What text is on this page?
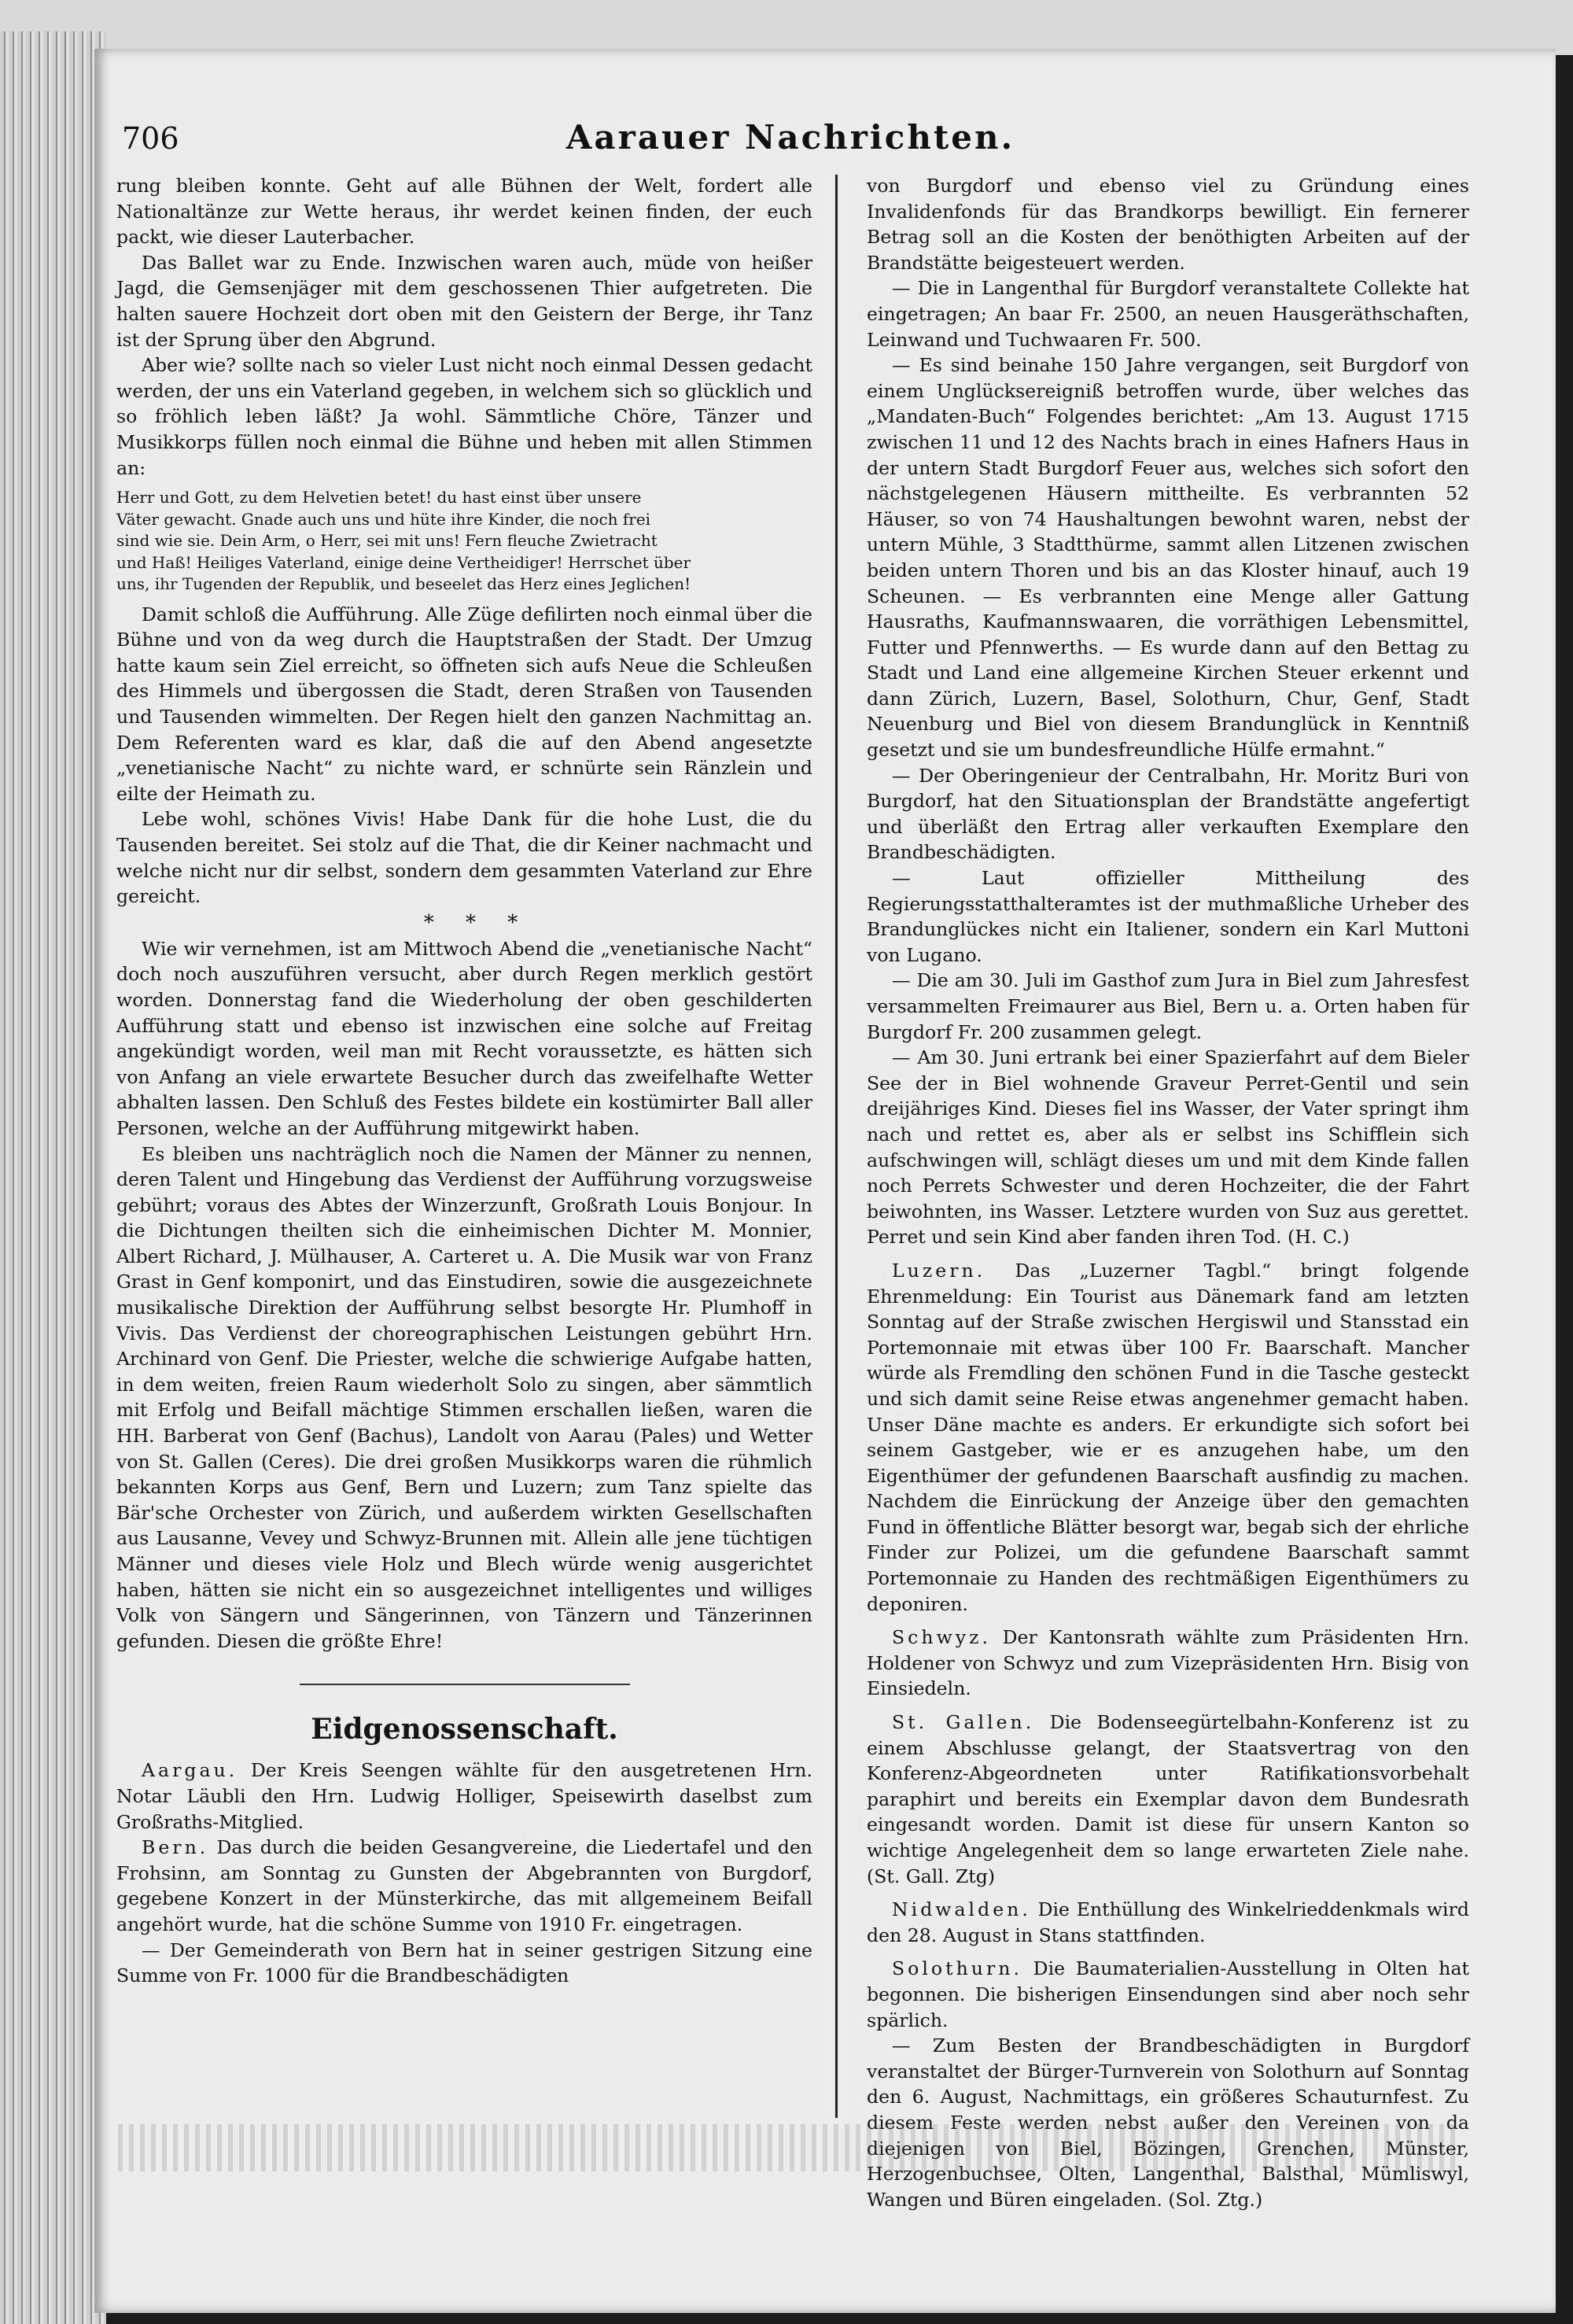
706	Aarauer Nachrichten.

rung bleiben konnte. Geht auf alle Bühnen der Welt, fordert alle Nationaltänze zur Wette heraus, ihr werdet keinen finden, der euch packt, wie dieser Lauterbacher.

Das Ballet war zu Ende. Inzwischen waren auch, müde von heißer Jagd, die Gemsenjäger mit dem geschossenen Thier aufgetreten. Die halten sauere Hochzeit dort oben mit den Geistern der Berge, ihr Tanz ist der Sprung über den Abgrund.

Aber wie? sollte nach so vieler Lust nicht noch einmal Dessen gedacht werden, der uns ein Vaterland gegeben, in welchem sich so glücklich und so fröhlich leben läßt? Ja wohl. Sämmtliche Chöre, Tänzer und Musikkorps füllen noch einmal die Bühne und heben mit allen Stimmen an:

Herr und Gott, zu dem Helvetien betet! du hast einst über unsere
Väter gewacht. Gnade auch uns und hüte ihre Kinder, die noch frei
sind wie sie. Dein Arm, o Herr, sei mit uns! Fern fleuche Zwietracht
und Haß! Heiliges Vaterland, einige deine Vertheidiger! Herrschet über
uns, ihr Tugenden der Republik, und beseelet das Herz eines Jeglichen!

Damit schloß die Aufführung. Alle Züge defilirten noch einmal über die Bühne und von da weg durch die Hauptstraßen der Stadt. Der Umzug hatte kaum sein Ziel erreicht, so öffneten sich aufs Neue die Schleußen des Himmels und übergossen die Stadt, deren Straßen von Tausenden und Tausenden wimmelten. Der Regen hielt den ganzen Nachmittag an. Dem Referenten ward es klar, daß die auf den Abend angesetzte „venetianische Nacht“ zu nichte ward, er schnürte sein Ränzlein und eilte der Heimath zu.

Lebe wohl, schönes Vivis! Habe Dank für die hohe Lust, die du Tausenden bereitet. Sei stolz auf die That, die dir Keiner nachmacht und welche nicht nur dir selbst, sondern dem gesammten Vaterland zur Ehre gereicht.

* * *

Wie wir vernehmen, ist am Mittwoch Abend die „venetianische Nacht“ doch noch auszuführen versucht, aber durch Regen merklich gestört worden. Donnerstag fand die Wiederholung der oben geschilderten Aufführung statt und ebenso ist inzwischen eine solche auf Freitag angekündigt worden, weil man mit Recht voraussetzte, es hätten sich von Anfang an viele erwartete Besucher durch das zweifelhafte Wetter abhalten lassen. Den Schluß des Festes bildete ein kostümirter Ball aller Personen, welche an der Aufführung mitgewirkt haben.

Es bleiben uns nachträglich noch die Namen der Männer zu nennen, deren Talent und Hingebung das Verdienst der Aufführung vorzugsweise gebührt; voraus des Abtes der Winzerzunft, Großrath Louis Bonjour. In die Dichtungen theilten sich die einheimischen Dichter M. Monnier, Albert Richard, J. Mülhauser, A. Carteret u. A. Die Musik war von Franz Grast in Genf komponirt, und das Einstudiren, sowie die ausgezeichnete musikalische Direktion der Aufführung selbst besorgte Hr. Plumhoff in Vivis. Das Verdienst der choreographischen Leistungen gebührt Hrn. Archinard von Genf. Die Priester, welche die schwierige Aufgabe hatten, in dem weiten, freien Raum wiederholt Solo zu singen, aber sämmtlich mit Erfolg und Beifall mächtige Stimmen erschallen ließen, waren die HH. Barberat von Genf (Bachus), Landolt von Aarau (Pales) und Wetter von St. Gallen (Ceres). Die drei großen Musikkorps waren die rühmlich bekannten Korps aus Genf, Bern und Luzern; zum Tanz spielte das Bär'sche Orchester von Zürich, und außerdem wirkten Gesellschaften aus Lausanne, Vevey und Schwyz-Brunnen mit. Allein alle jene tüchtigen Männer und dieses viele Holz und Blech würde wenig ausgerichtet haben, hätten sie nicht ein so ausgezeichnet intelligentes und williges Volk von Sängern und Sängerinnen, von Tänzern und Tänzerinnen gefunden. Diesen die größte Ehre!

Eidgenossenschaft.

Aargau. Der Kreis Seengen wählte für den ausgetretenen Hrn. Notar Läubli den Hrn. Ludwig Holliger, Speisewirth daselbst zum Großraths-Mitglied.

Bern. Das durch die beiden Gesangvereine, die Liedertafel und den Frohsinn, am Sonntag zu Gunsten der Abgebrannten von Burgdorf, gegebene Konzert in der Münsterkirche, das mit allgemeinem Beifall angehört wurde, hat die schöne Summe von 1910 Fr. eingetragen.

— Der Gemeinderath von Bern hat in seiner gestrigen Sitzung eine Summe von Fr. 1000 für die Brandbeschädigten

von Burgdorf und ebenso viel zu Gründung eines Invalidenfonds für das Brandkorps bewilligt. Ein fernerer Betrag soll an die Kosten der benöthigten Arbeiten auf der Brandstätte beigesteuert werden.

— Die in Langenthal für Burgdorf veranstaltete Collekte hat eingetragen; An baar Fr. 2500, an neuen Hausgeräthschaften, Leinwand und Tuchwaaren Fr. 500.

— Es sind beinahe 150 Jahre vergangen, seit Burgdorf von einem Unglücksereigniß betroffen wurde, über welches das „Mandaten-Buch“ Folgendes berichtet: „Am 13. August 1715 zwischen 11 und 12 des Nachts brach in eines Hafners Haus in der untern Stadt Burgdorf Feuer aus, welches sich sofort den nächstgelegenen Häusern mittheilte. Es verbrannten 52 Häuser, so von 74 Haushaltungen bewohnt waren, nebst der untern Mühle, 3 Stadtthürme, sammt allen Litzenen zwischen beiden untern Thoren und bis an das Kloster hinauf, auch 19 Scheunen. — Es verbrannten eine Menge aller Gattung Hausraths, Kaufmannswaaren, die vorräthigen Lebensmittel, Futter und Pfennwerths. — Es wurde dann auf den Bettag zu Stadt und Land eine allgemeine Kirchen Steuer erkennt und dann Zürich, Luzern, Basel, Solothurn, Chur, Genf, Stadt Neuenburg und Biel von diesem Brandunglück in Kenntniß gesetzt und sie um bundesfreundliche Hülfe ermahnt.“

— Der Oberingenieur der Centralbahn, Hr. Moritz Buri von Burgdorf, hat den Situationsplan der Brandstätte angefertigt und überläßt den Ertrag aller verkauften Exemplare den Brandbeschädigten.

— Laut offizieller Mittheilung des Regierungsstatthalteramtes ist der muthmaßliche Urheber des Brandunglückes nicht ein Italiener, sondern ein Karl Muttoni von Lugano.

— Die am 30. Juli im Gasthof zum Jura in Biel zum Jahresfest versammelten Freimaurer aus Biel, Bern u. a. Orten haben für Burgdorf Fr. 200 zusammen gelegt.

— Am 30. Juni ertrank bei einer Spazierfahrt auf dem Bieler See der in Biel wohnende Graveur Perret-Gentil und sein dreijähriges Kind. Dieses fiel ins Wasser, der Vater springt ihm nach und rettet es, aber als er selbst ins Schifflein sich aufschwingen will, schlägt dieses um und mit dem Kinde fallen noch Perrets Schwester und deren Hochzeiter, die der Fahrt beiwohnten, ins Wasser. Letztere wurden von Suz aus gerettet. Perret und sein Kind aber fanden ihren Tod. (H. C.)

Luzern. Das „Luzerner Tagbl.“ bringt folgende Ehrenmeldung: Ein Tourist aus Dänemark fand am letzten Sonntag auf der Straße zwischen Hergiswil und Stansstad ein Portemonnaie mit etwas über 100 Fr. Baarschaft. Mancher würde als Fremdling den schönen Fund in die Tasche gesteckt und sich damit seine Reise etwas angenehmer gemacht haben. Unser Däne machte es anders. Er erkundigte sich sofort bei seinem Gastgeber, wie er es anzugehen habe, um den Eigenthümer der gefundenen Baarschaft ausfindig zu machen. Nachdem die Einrückung der Anzeige über den gemachten Fund in öffentliche Blätter besorgt war, begab sich der ehrliche Finder zur Polizei, um die gefundene Baarschaft sammt Portemonnaie zu Handen des rechtmäßigen Eigenthümers zu deponiren.

Schwyz. Der Kantonsrath wählte zum Präsidenten Hrn. Holdener von Schwyz und zum Vizepräsidenten Hrn. Bisig von Einsiedeln.

St. Gallen. Die Bodenseegürtelbahn-Konferenz ist zu einem Abschlusse gelangt, der Staatsvertrag von den Konferenz-Abgeordneten unter Ratifikationsvorbehalt paraphirt und bereits ein Exemplar davon dem Bundesrath eingesandt worden. Damit ist diese für unsern Kanton so wichtige Angelegenheit dem so lange erwarteten Ziele nahe. (St. Gall. Ztg)

Nidwalden. Die Enthüllung des Winkelrieddenkmals wird den 28. August in Stans stattfinden.

Solothurn. Die Baumaterialien-Ausstellung in Olten hat begonnen. Die bisherigen Einsendungen sind aber noch sehr spärlich.

— Zum Besten der Brandbeschädigten in Burgdorf veranstaltet der Bürger-Turnverein von Solothurn auf Sonntag den 6. August, Nachmittags, ein größeres Schauturnfest. Zu diesem Feste werden nebst außer den Vereinen von da diejenigen von Biel, Bözingen, Grenchen, Münster, Herzogenbuchsee, Olten, Langenthal, Balsthal, Mümliswyl, Wangen und Büren eingeladen. (Sol. Ztg.)
